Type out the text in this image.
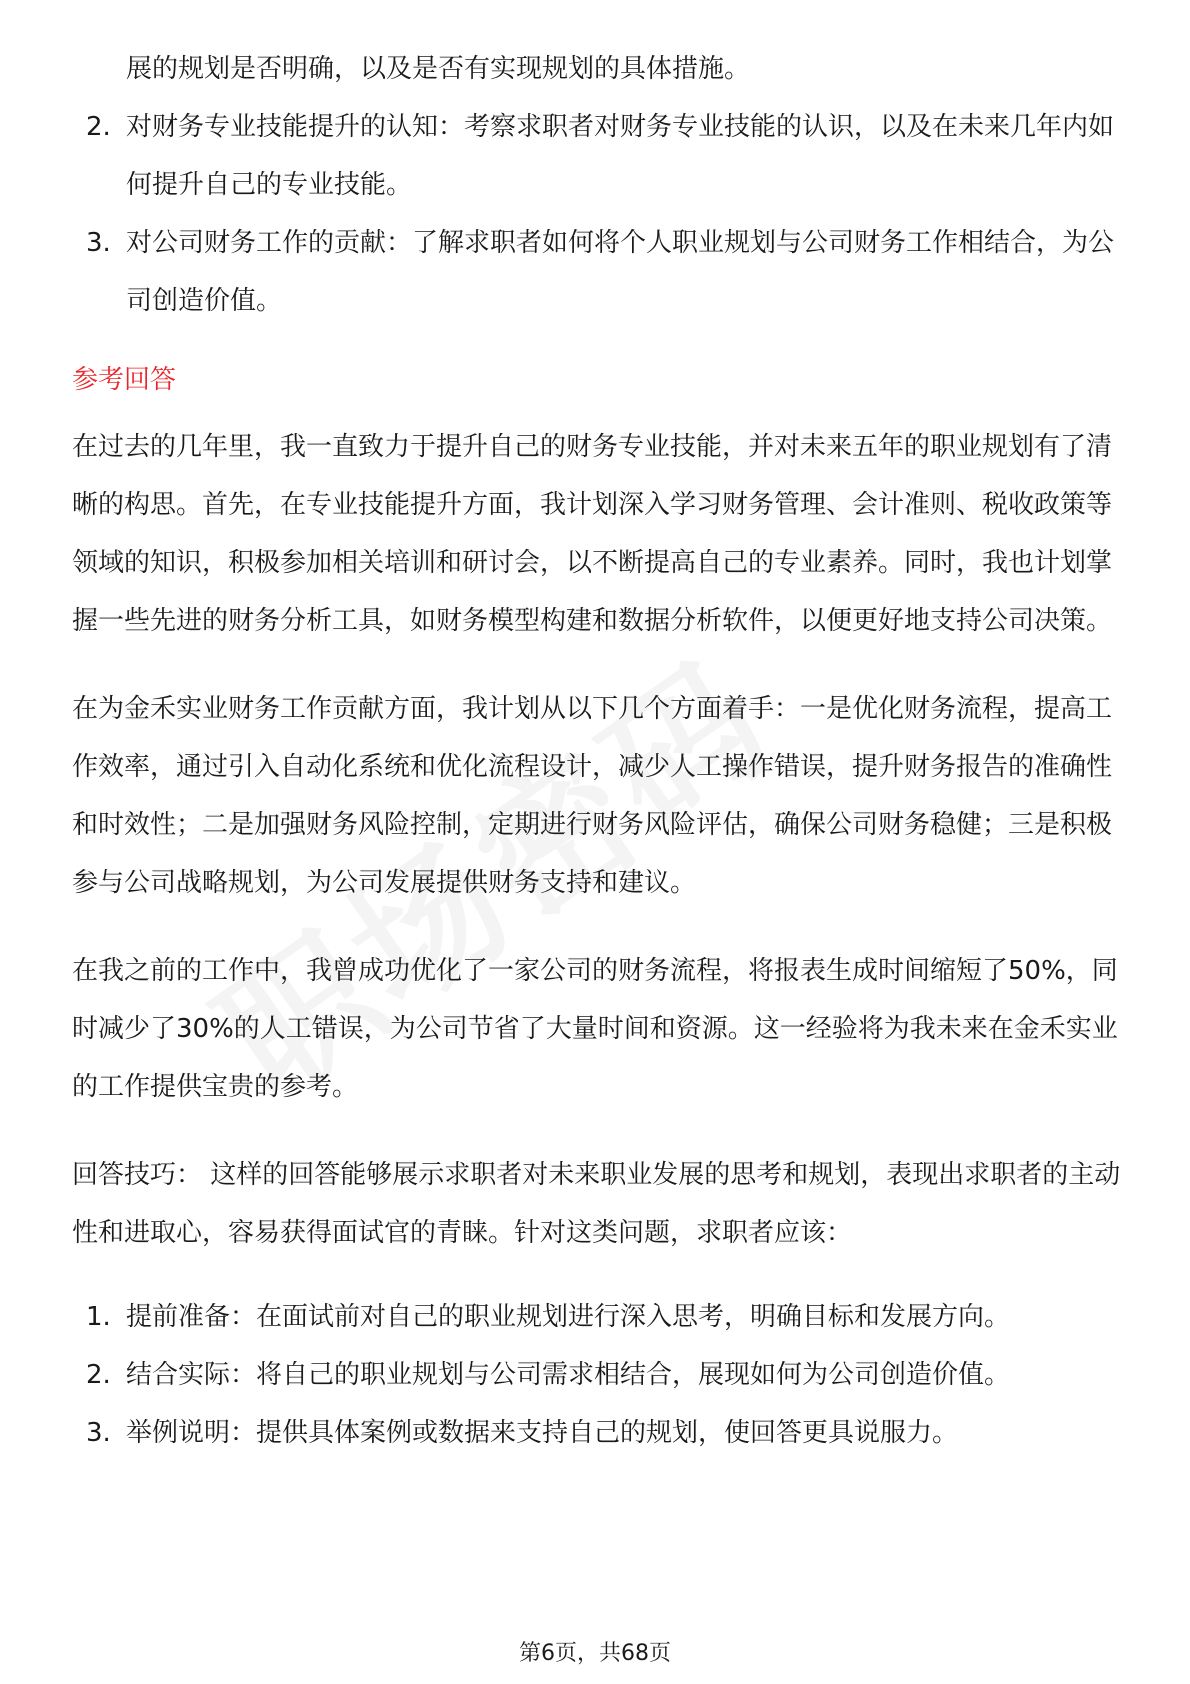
展的规划是否明确，以及是否有实现规划的具体措施。
2. 对财务专业技能提升的认知：考察求职者对财务专业技能的认识，以及在未来几年内如何提升自己的专业技能。
3. 对公司财务工作的贡献：了解求职者如何将个人职业规划与公司财务工作相结合，为公司创造价值。
参考回答

在过去的几年里，我一直致力于提升自己的财务专业技能，并对未来五年的职业规划有了清晰的构思。首先，在专业技能提升方面，我计划深入学习财务管理、会计准则、税收政策等领域的知识，积极参加相关培训和研讨会，以不断提高自己的专业素养。同时，我也计划掌握一些先进的财务分析工具，如财务模型构建和数据分析软件，以便更好地支持公司决策。

在为金禾实业财务工作贡献方面，我计划从以下几个方面着手：一是优化财务流程，提高工作效率，通过引入自动化系统和优化流程设计，减少人工操作错误，提升财务报告的准确性和时效性；二是加强财务风险控制，定期进行财务风险评估，确保公司财务稳健；三是积极参与公司战略规划，为公司发展提供财务支持和建议。

在我之前的工作中，我曾成功优化了一家公司的财务流程，将报表生成时间缩短了50%，同时减少了30%的人工错误，为公司节省了大量时间和资源。这一经验将为我未来在金禾实业的工作提供宝贵的参考。

回答技巧： 这样的回答能够展示求职者对未来职业发展的思考和规划，表现出求职者的主动性和进取心，容易获得面试官的青睐。针对这类问题，求职者应该：

1. 提前准备：在面试前对自己的职业规划进行深入思考，明确目标和发展方向。
2. 结合实际：将自己的职业规划与公司需求相结合，展现如何为公司创造价值。
3. 举例说明：提供具体案例或数据来支持自己的规划，使回答更具说服力。
第6页，共68页
